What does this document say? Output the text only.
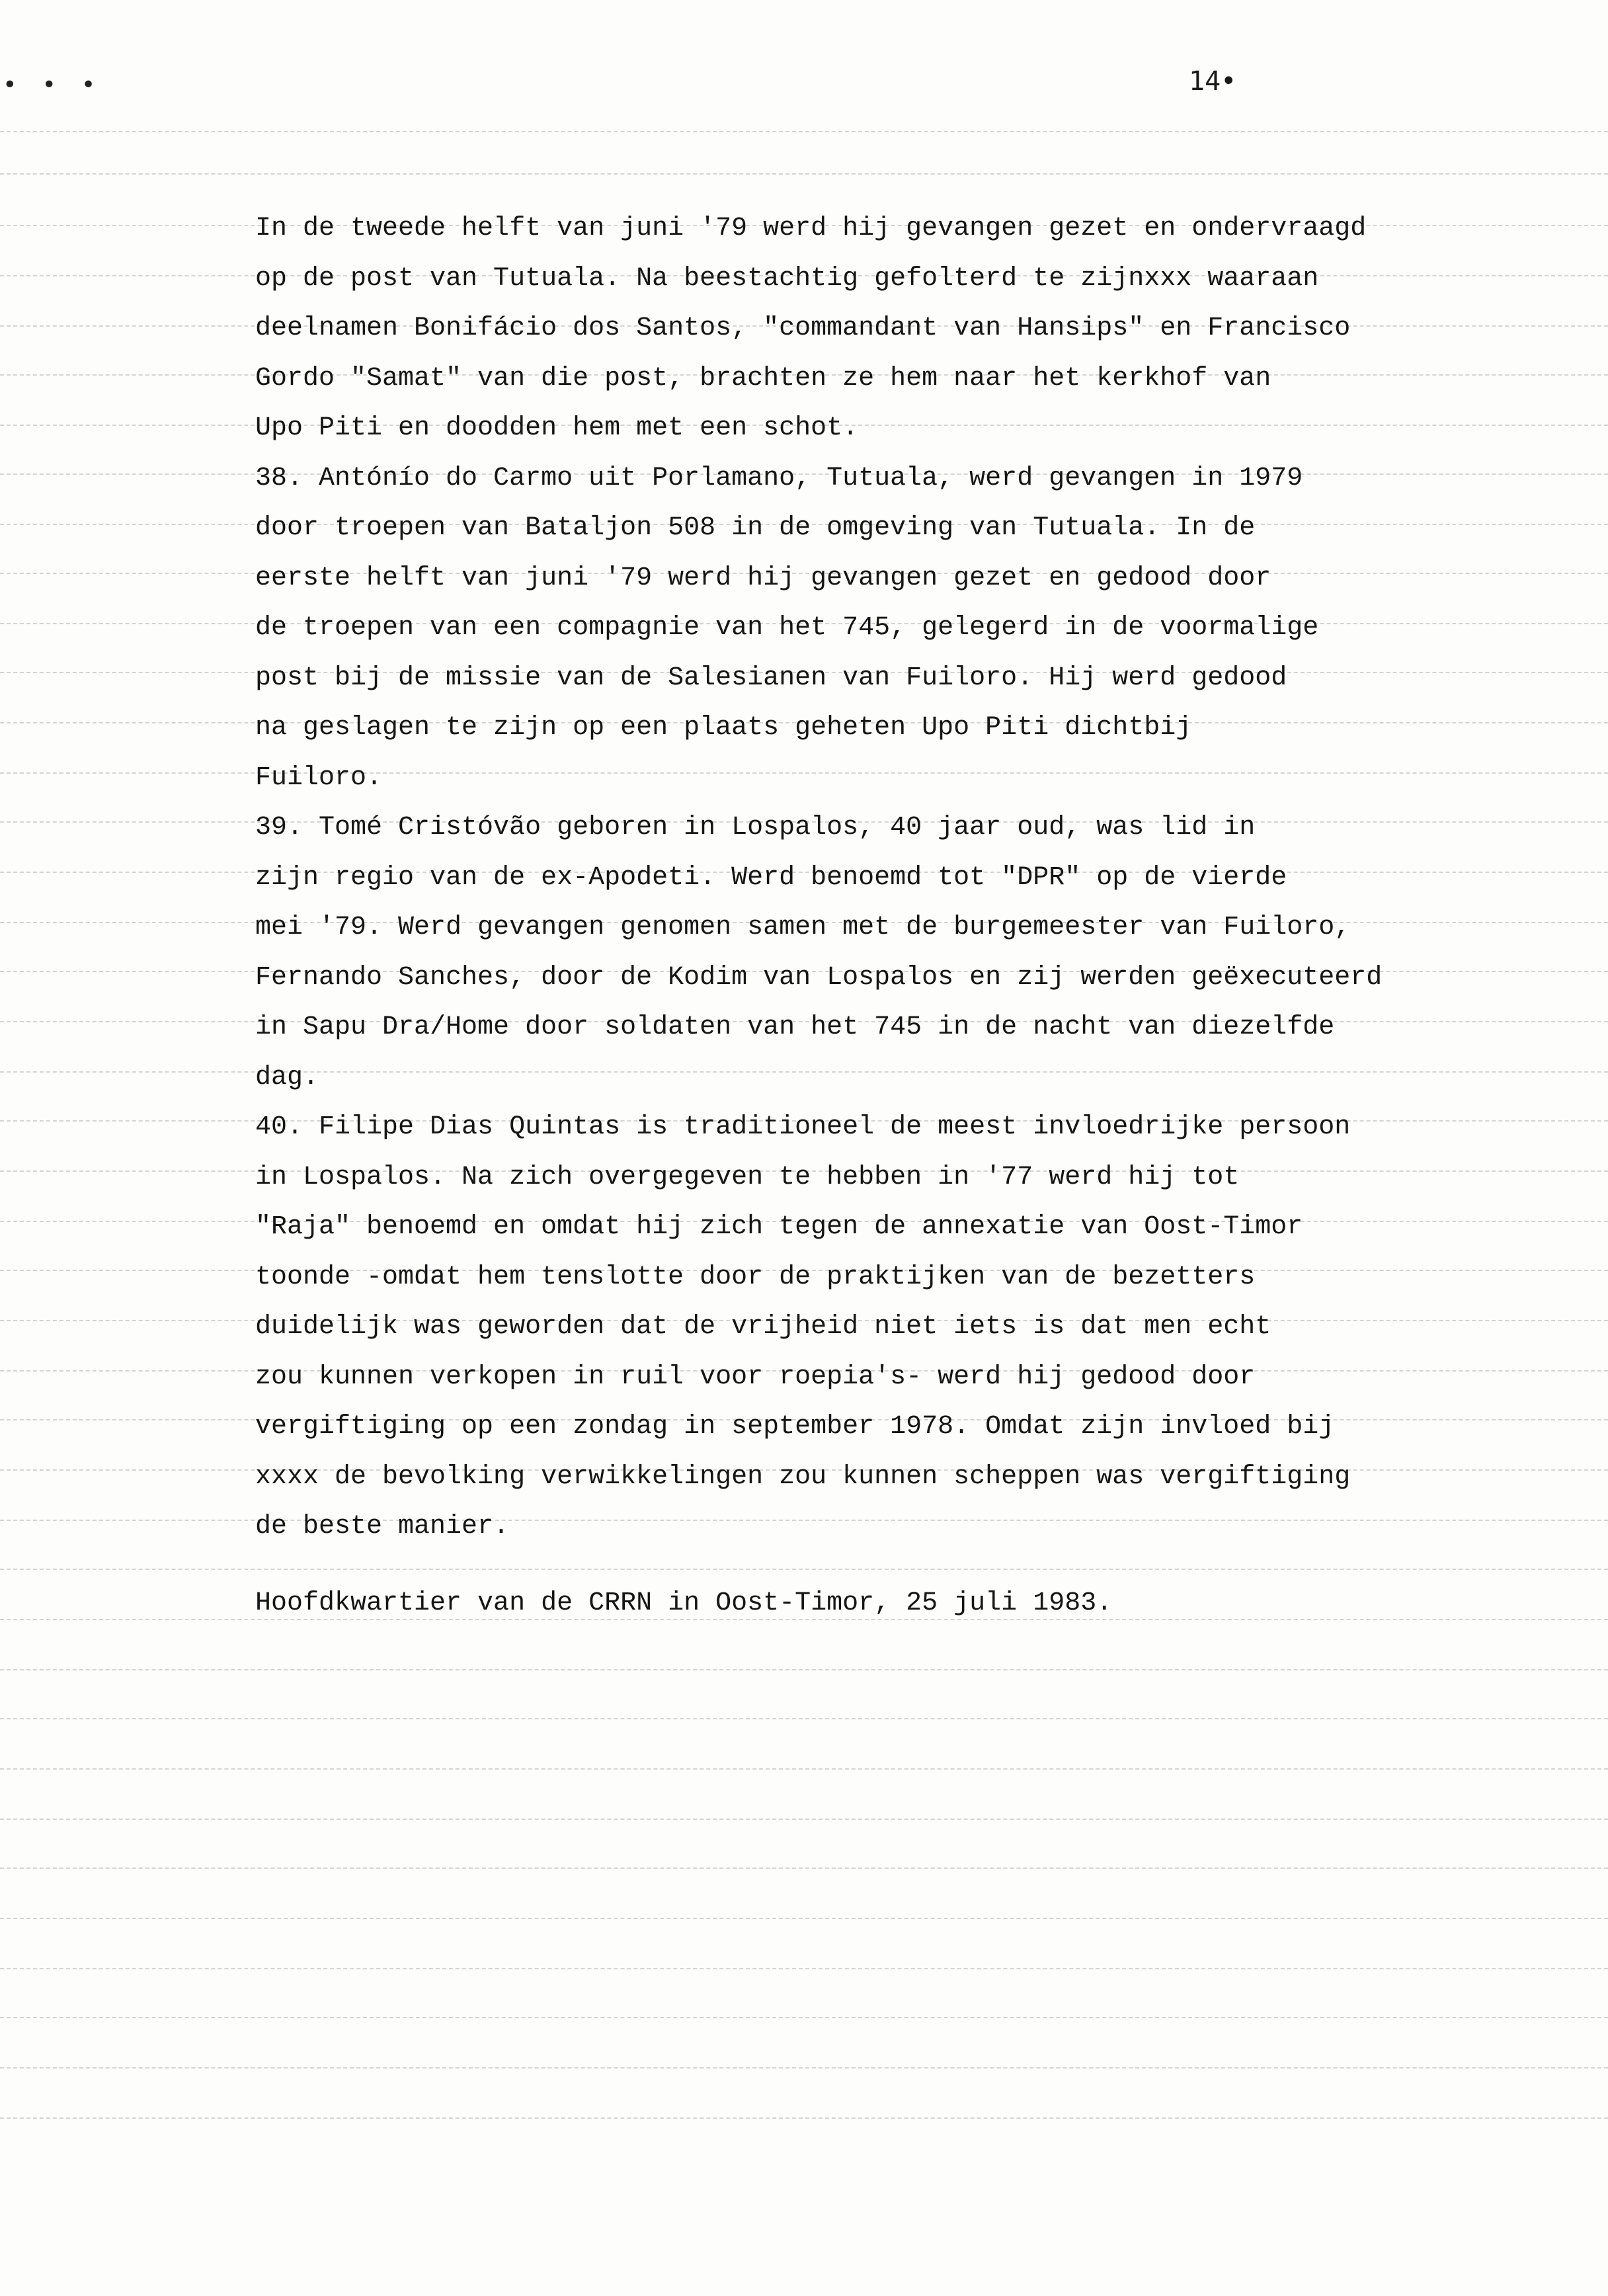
• • •	14•
In de tweede helft van juni '79 werd hij gevangen gezet en ondervraagd
op de post van Tutuala. Na beestachtig gefolterd te zijnxxx waaraan
deelnamen Bonifácio dos Santos, "commandant van Hansips" en Francisco
Gordo "Samat" van die post, brachten ze hem naar het kerkhof van
Upo Piti en doodden hem met een schot.
38. Antónío do Carmo uit Porlamano, Tutuala, werd gevangen in 1979
door troepen van Bataljon 508 in de omgeving van Tutuala. In de
eerste helft van juni '79 werd hij gevangen gezet en gedood door
de troepen van een compagnie van het 745, gelegerd in de voormalige
post bij de missie van de Salesianen van Fuiloro. Hij werd gedood
na geslagen te zijn op een plaats geheten Upo Piti dichtbij
Fuiloro.
39. Tomé Cristóvão geboren in Lospalos, 40 jaar oud, was lid in
zijn regio van de ex-Apodeti. Werd benoemd tot "DPR" op de vierde
mei '79. Werd gevangen genomen samen met de burgemeester van Fuiloro,
Fernando Sanches, door de Kodim van Lospalos en zij werden geëxecuteerd
in Sapu Dra/Home door soldaten van het 745 in de nacht van diezelfde
dag.
40. Filipe Dias Quintas is traditioneel de meest invloedrijke persoon
in Lospalos. Na zich overgegeven te hebben in '77 werd hij tot
"Raja" benoemd en omdat hij zich tegen de annexatie van Oost-Timor
toonde -omdat hem tenslotte door de praktijken van de bezetters
duidelijk was geworden dat de vrijheid niet iets is dat men echt
zou kunnen verkopen in ruil voor roepia's- werd hij gedood door
vergiftiging op een zondag in september 1978. Omdat zijn invloed bij
xxxx de bevolking verwikkelingen zou kunnen scheppen was vergiftiging
de beste manier.
Hoofdkwartier van de CRRN in Oost-Timor, 25 juli 1983.
